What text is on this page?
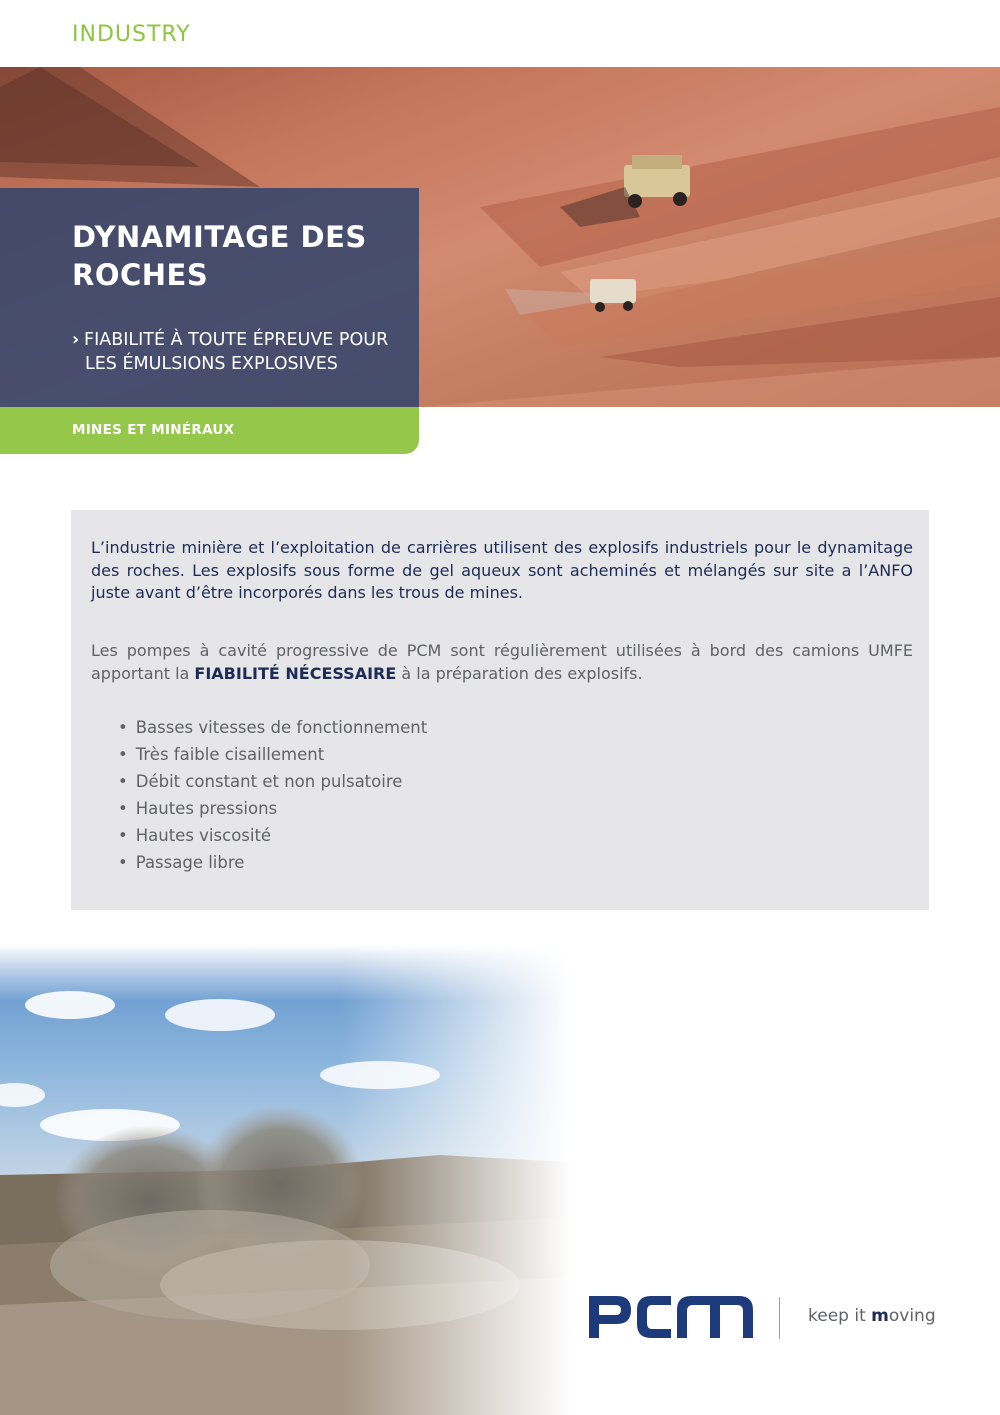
INDUSTRY
DYNAMITAGE DES
ROCHES
› FIABILITÉ À TOUTE ÉPREUVE POUR
LES ÉMULSIONS EXPLOSIVES
MINES ET MINÉRAUX
L’industrie minière et l’exploitation de carrières utilisent des explosifs industriels pour le dynamitage des roches. Les explosifs sous forme de gel aqueux sont acheminés et mélangés sur site a l’ANFO juste avant d’être incorporés dans les trous de mines.
Les pompes à cavité progressive de PCM sont régulièrement utilisées à bord des camions UMFE apportant la FIABILITÉ NÉCESSAIRE à la préparation des explosifs.
• Basses vitesses de fonctionnement
• Très faible cisaillement
• Débit constant et non pulsatoire
• Hautes pressions
• Hautes viscosité
• Passage libre
keep it moving
